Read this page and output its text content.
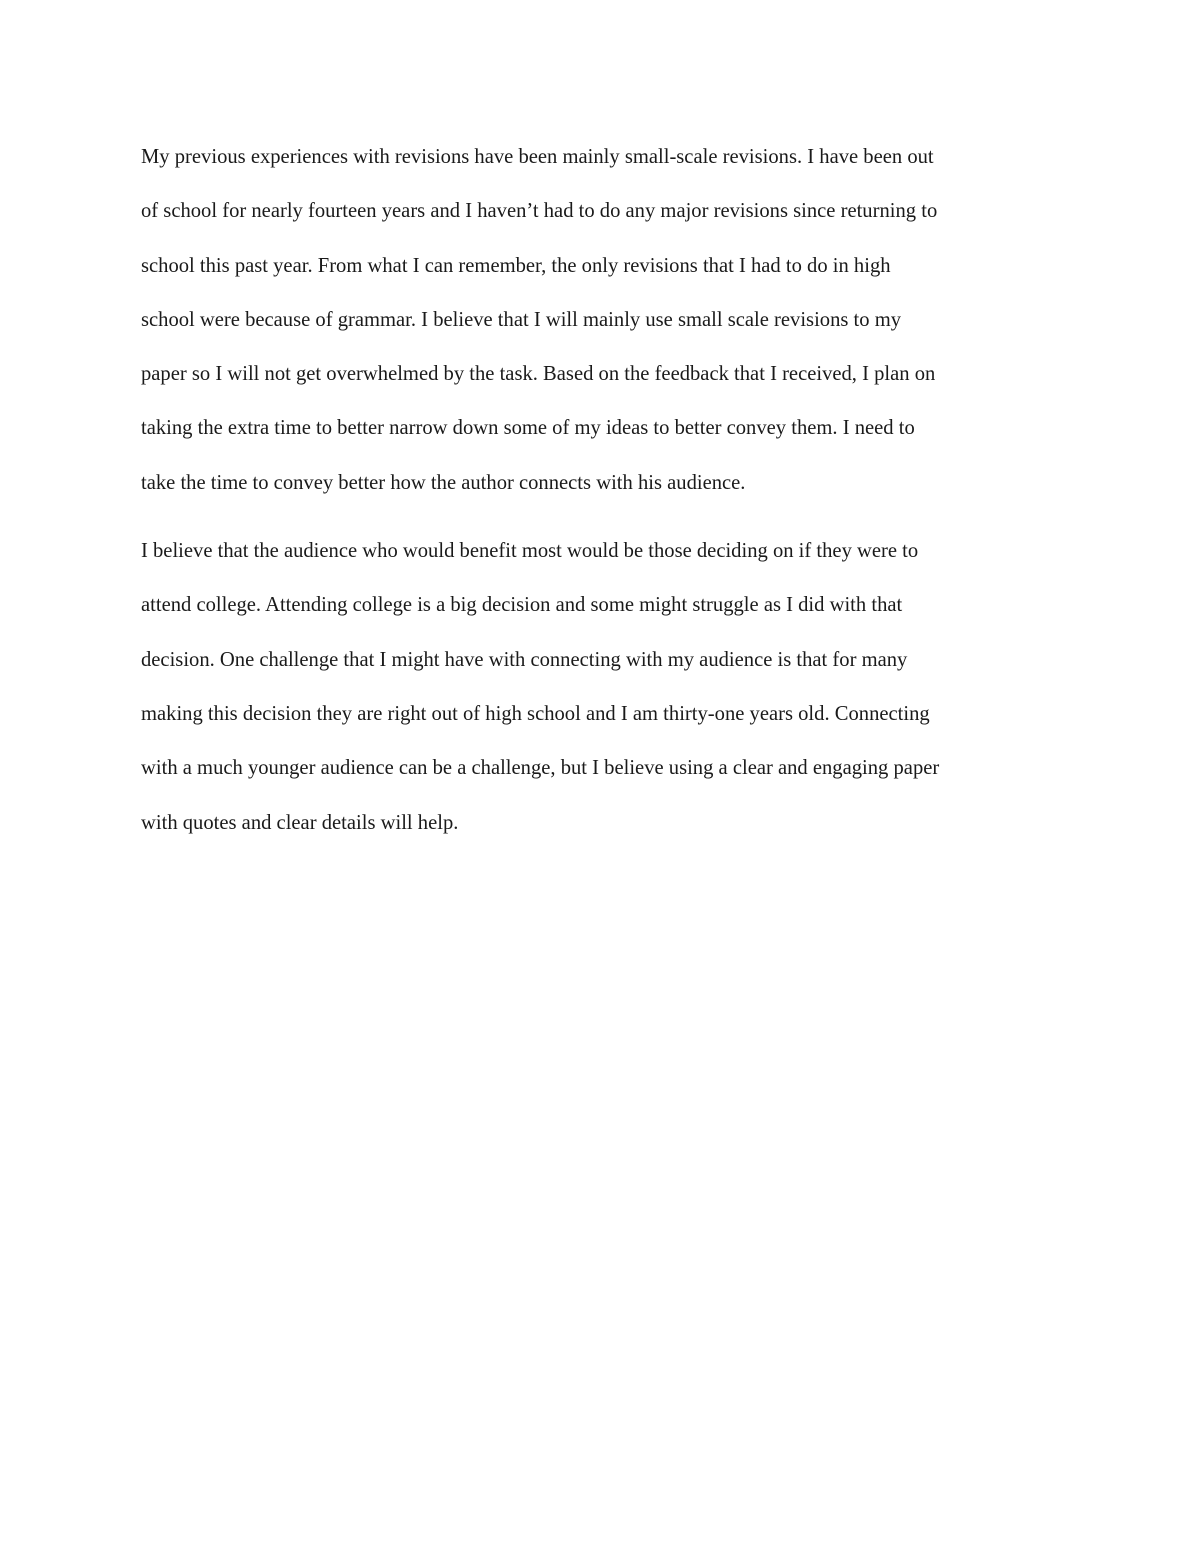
My previous experiences with revisions have been mainly small-scale revisions. I have been out
of school for nearly fourteen years and I haven’t had to do any major revisions since returning to
school this past year. From what I can remember, the only revisions that I had to do in high
school were because of grammar. I believe that I will mainly use small scale revisions to my
paper so I will not get overwhelmed by the task. Based on the feedback that I received, I plan on
taking the extra time to better narrow down some of my ideas to better convey them. I need to
take the time to convey better how the author connects with his audience.

I believe that the audience who would benefit most would be those deciding on if they were to
attend college. Attending college is a big decision and some might struggle as I did with that
decision. One challenge that I might have with connecting with my audience is that for many
making this decision they are right out of high school and I am thirty-one years old. Connecting
with a much younger audience can be a challenge, but I believe using a clear and engaging paper
with quotes and clear details will help.
